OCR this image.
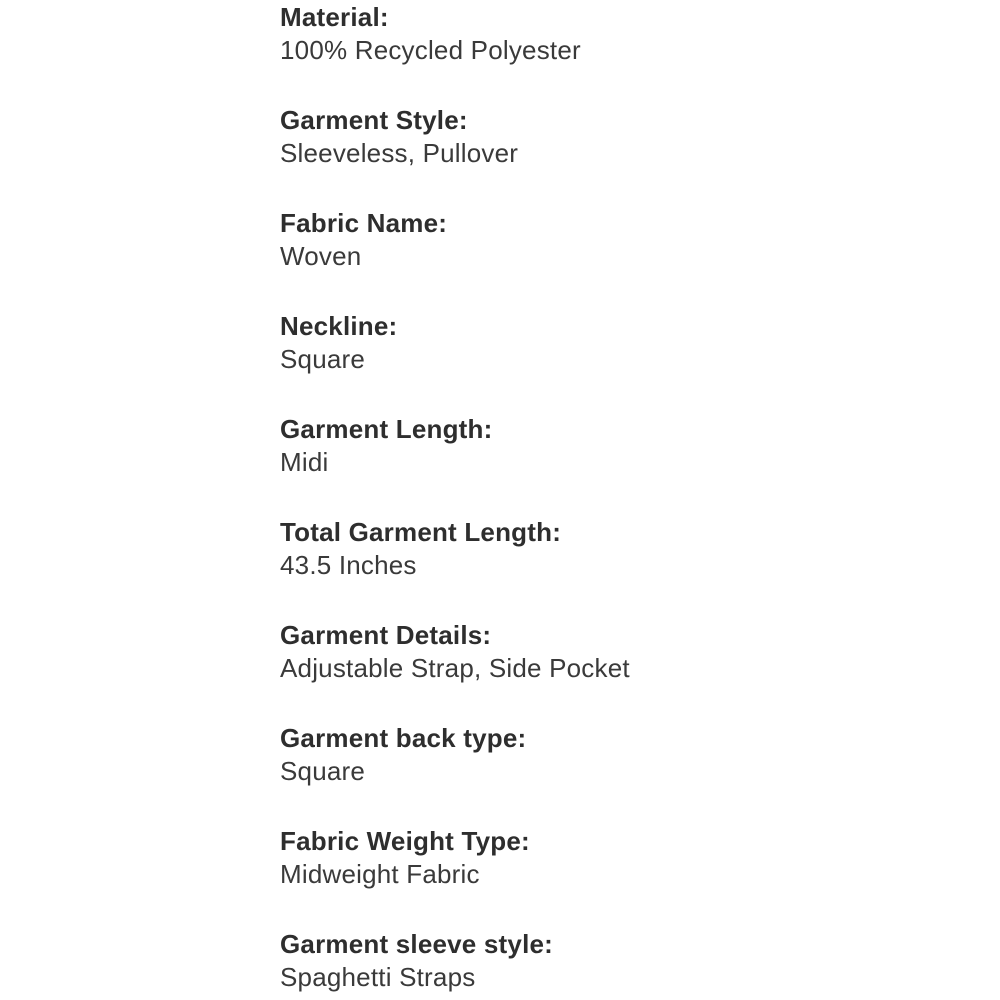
Material:
100% Recycled Polyester
Garment Style:
Sleeveless, Pullover
Fabric Name:
Woven
Neckline:
Square
Garment Length:
Midi
Total Garment Length:
43.5 Inches
Garment Details:
Adjustable Strap, Side Pocket
Garment back type:
Square
Fabric Weight Type:
Midweight Fabric
Garment sleeve style:
Spaghetti Straps
